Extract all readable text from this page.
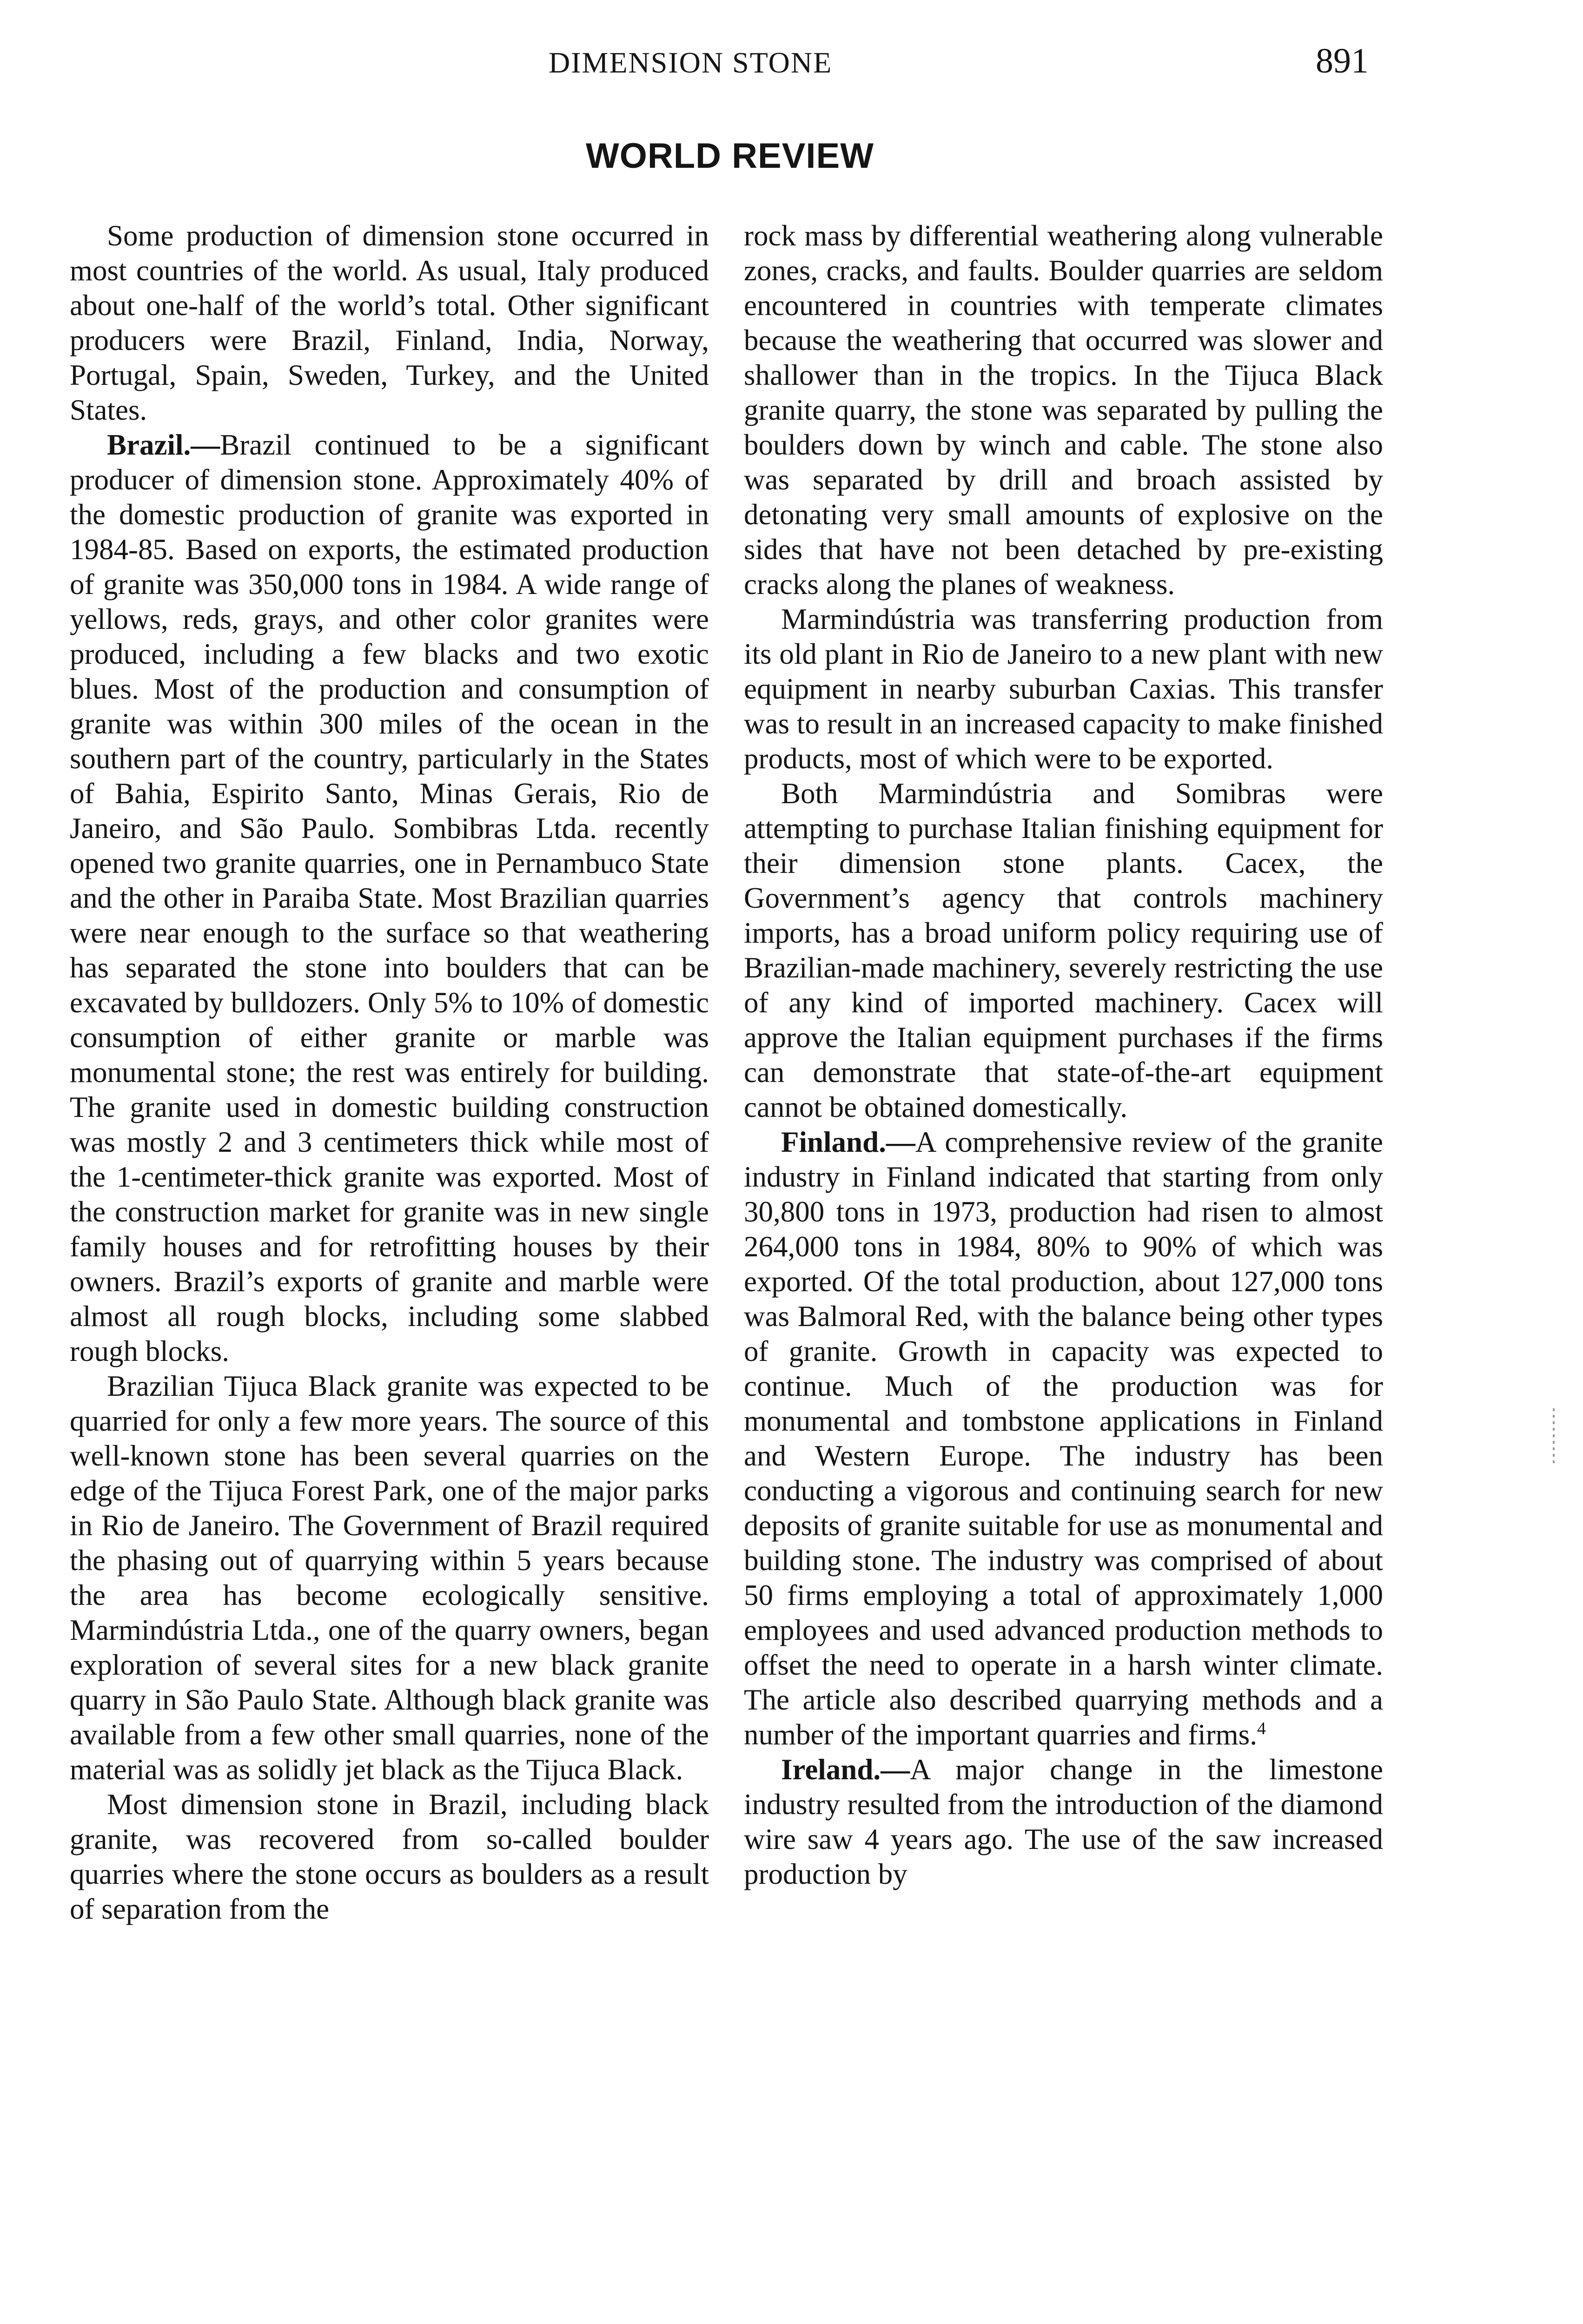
DIMENSION STONE	891
WORLD REVIEW

Some production of dimension stone occurred in most countries of the world. As usual, Italy produced about one-half of the world’s total. Other significant producers were Brazil, Finland, India, Norway, Portugal, Spain, Sweden, Turkey, and the United States.

Brazil.—Brazil continued to be a significant producer of dimension stone. Approximately 40% of the domestic production of granite was exported in 1984-85. Based on exports, the estimated production of granite was 350,000 tons in 1984. A wide range of yellows, reds, grays, and other color granites were produced, including a few blacks and two exotic blues. Most of the production and consumption of granite was within 300 miles of the ocean in the southern part of the country, particularly in the States of Bahia, Espirito Santo, Minas Gerais, Rio de Janeiro, and São Paulo. Sombibras Ltda. recently opened two granite quarries, one in Pernambuco State and the other in Paraiba State. Most Brazilian quarries were near enough to the surface so that weathering has separated the stone into boulders that can be excavated by bulldozers. Only 5% to 10% of domestic consumption of either granite or marble was monumental stone; the rest was entirely for building. The granite used in domestic building construction was mostly 2 and 3 centimeters thick while most of the 1-centimeter-thick granite was exported. Most of the construction market for granite was in new single family houses and for retrofitting houses by their owners. Brazil’s exports of granite and marble were almost all rough blocks, including some slabbed rough blocks.

Brazilian Tijuca Black granite was expected to be quarried for only a few more years. The source of this well-known stone has been several quarries on the edge of the Tijuca Forest Park, one of the major parks in Rio de Janeiro. The Government of Brazil required the phasing out of quarrying within 5 years because the area has become ecologically sensitive. Marmindústria Ltda., one of the quarry owners, began exploration of several sites for a new black granite quarry in São Paulo State. Although black granite was available from a few other small quarries, none of the material was as solidly jet black as the Tijuca Black.

Most dimension stone in Brazil, including black granite, was recovered from so-called boulder quarries where the stone occurs as boulders as a result of separation from the

rock mass by differential weathering along vulnerable zones, cracks, and faults. Boulder quarries are seldom encountered in countries with temperate climates because the weathering that occurred was slower and shallower than in the tropics. In the Tijuca Black granite quarry, the stone was separated by pulling the boulders down by winch and cable. The stone also was separated by drill and broach assisted by detonating very small amounts of explosive on the sides that have not been detached by pre-existing cracks along the planes of weakness.

Marmindústria was transferring production from its old plant in Rio de Janeiro to a new plant with new equipment in nearby suburban Caxias. This transfer was to result in an increased capacity to make finished products, most of which were to be exported.

Both Marmindústria and Somibras were attempting to purchase Italian finishing equipment for their dimension stone plants. Cacex, the Government’s agency that controls machinery imports, has a broad uniform policy requiring use of Brazilian-made machinery, severely restricting the use of any kind of imported machinery. Cacex will approve the Italian equipment purchases if the firms can demonstrate that state-of-the-art equipment cannot be obtained domestically.

Finland.—A comprehensive review of the granite industry in Finland indicated that starting from only 30,800 tons in 1973, production had risen to almost 264,000 tons in 1984, 80% to 90% of which was exported. Of the total production, about 127,000 tons was Balmoral Red, with the balance being other types of granite. Growth in capacity was expected to continue. Much of the production was for monumental and tombstone applications in Finland and Western Europe. The industry has been conducting a vigorous and continuing search for new deposits of granite suitable for use as monumental and building stone. The industry was comprised of about 50 firms employing a total of approximately 1,000 employees and used advanced production methods to offset the need to operate in a harsh winter climate. The article also described quarrying methods and a number of the important quarries and firms.$^4$

Ireland.—A major change in the limestone industry resulted from the introduction of the diamond wire saw 4 years ago. The use of the saw increased production by
